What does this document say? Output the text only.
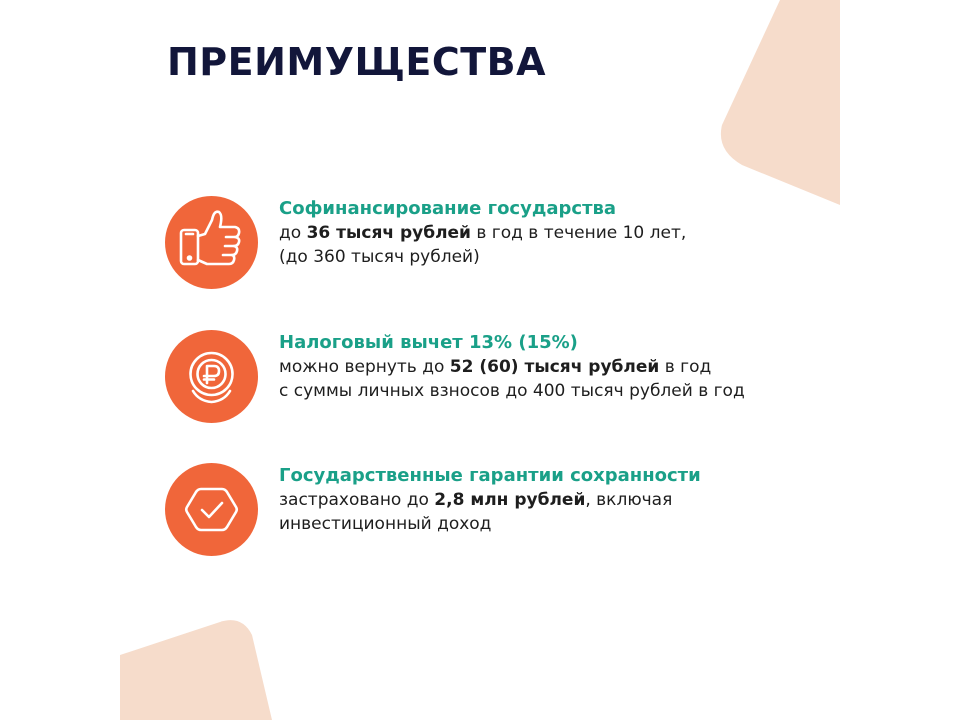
ПРЕИМУЩЕСТВА
Софинансирование государства
до 36 тысяч рублей в год в течение 10 лет,
(до 360 тысяч рублей)
Налоговый вычет 13% (15%)
можно вернуть до 52 (60) тысяч рублей в год
с суммы личных взносов до 400 тысяч рублей в год
Государственные гарантии сохранности
застраховано до 2,8 млн рублей, включая
инвестиционный доход
